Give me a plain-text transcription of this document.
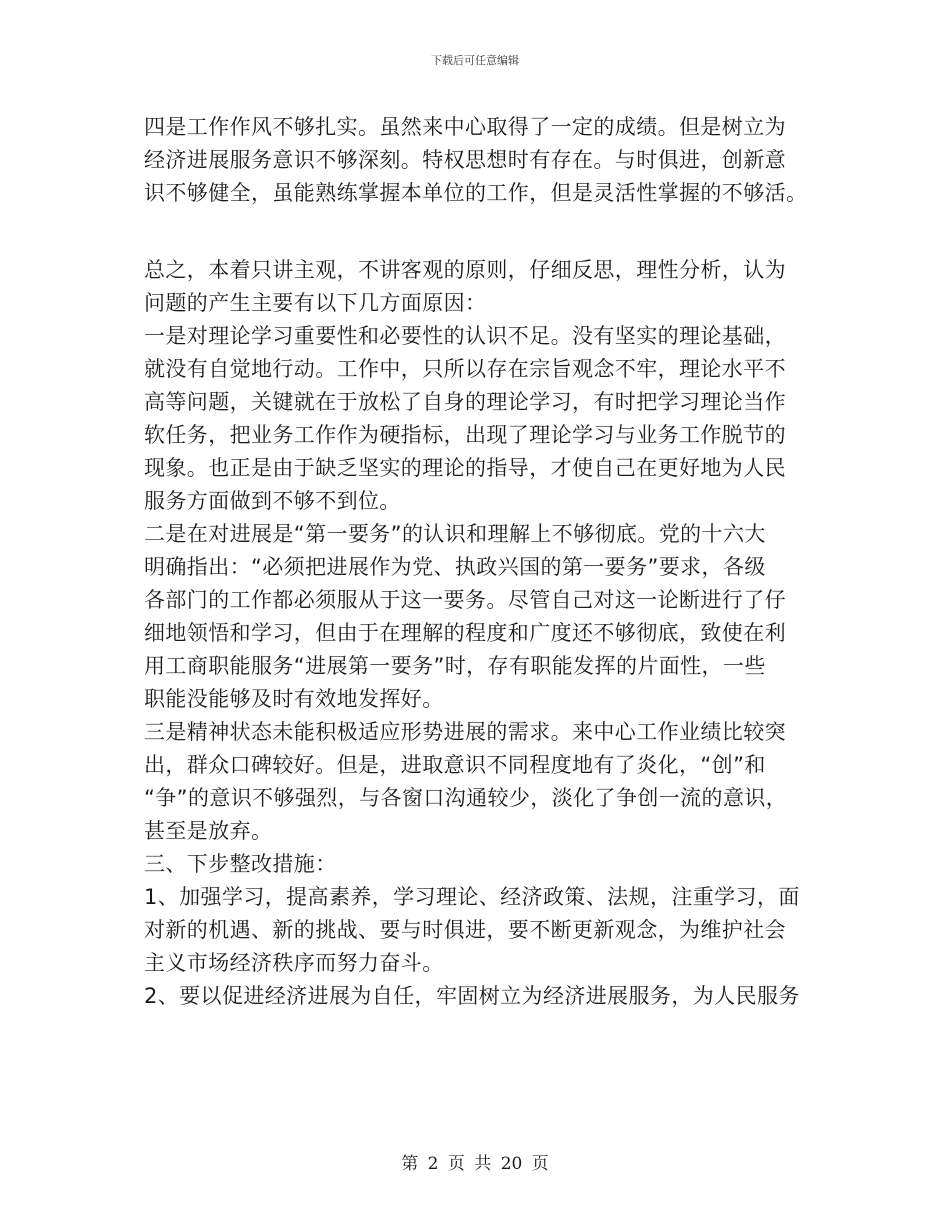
下载后可任意编辑
四是工作作风不够扎实。虽然来中心取得了一定的成绩。但是树立为
经济进展服务意识不够深刻。特权思想时有存在。与时俱进，创新意
识不够健全，虽能熟练掌握本单位的工作，但是灵活性掌握的不够活。
总之，本着只讲主观，不讲客观的原则，仔细反思，理性分析，认为
问题的产生主要有以下几方面原因：
一是对理论学习重要性和必要性的认识不足。没有坚实的理论基础，
就没有自觉地行动。工作中，只所以存在宗旨观念不牢，理论水平不
高等问题，关键就在于放松了自身的理论学习，有时把学习理论当作
软任务，把业务工作作为硬指标，出现了理论学习与业务工作脱节的
现象。也正是由于缺乏坚实的理论的指导，才使自己在更好地为人民
服务方面做到不够不到位。
二是在对进展是“第一要务”的认识和理解上不够彻底。党的十六大
明确指出：“必须把进展作为党、执政兴国的第一要务”要求，各级
各部门的工作都必须服从于这一要务。尽管自己对这一论断进行了仔
细地领悟和学习，但由于在理解的程度和广度还不够彻底，致使在利
用工商职能服务“进展第一要务”时，存有职能发挥的片面性，一些
职能没能够及时有效地发挥好。
三是精神状态未能积极适应形势进展的需求。来中心工作业绩比较突
出，群众口碑较好。但是，进取意识不同程度地有了炎化，“创”和
“争”的意识不够强烈，与各窗口沟通较少，淡化了争创一流的意识，
甚至是放弃。
三、下步整改措施：
1、加强学习，提高素养，学习理论、经济政策、法规，注重学习，面
对新的机遇、新的挑战、要与时俱进，要不断更新观念，为维护社会
主义市场经济秩序而努力奋斗。
2、要以促进经济进展为自任，牢固树立为经济进展服务，为人民服务
第 2 页 共 20 页
